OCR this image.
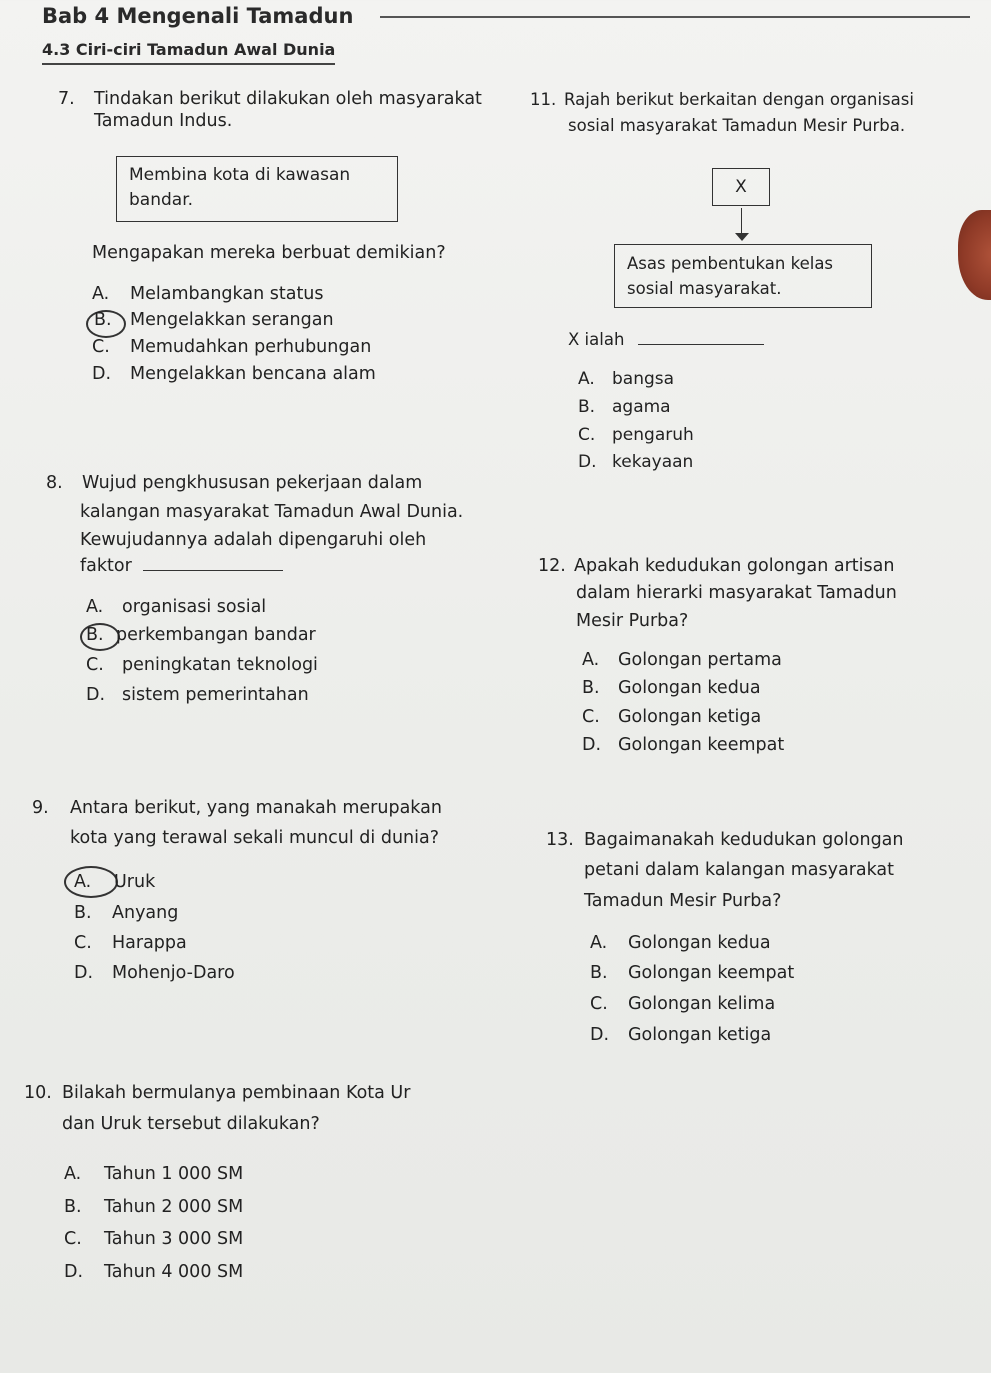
Bab 4 Mengenali Tamadun
4.3 Ciri-ciri Tamadun Awal Dunia
7. Tindakan berikut dilakukan oleh masyarakat
Tamadun Indus.
Membina kota di kawasan
bandar.
Mengapakan mereka berbuat demikian?
A. Melambangkan status
B. Mengelakkan serangan
C. Memudahkan perhubungan
D. Mengelakkan bencana alam
8. Wujud pengkhususan pekerjaan dalam
kalangan masyarakat Tamadun Awal Dunia.
Kewujudannya adalah dipengaruhi oleh
faktor
A. organisasi sosial
B. perkembangan bandar
C. peningkatan teknologi
D. sistem pemerintahan
9. Antara berikut, yang manakah merupakan
kota yang terawal sekali muncul di dunia?
A. Uruk
B. Anyang
C. Harappa
D. Mohenjo-Daro
10. Bilakah bermulanya pembinaan Kota Ur
dan Uruk tersebut dilakukan?
A. Tahun 1 000 SM
B. Tahun 2 000 SM
C. Tahun 3 000 SM
D. Tahun 4 000 SM
11. Rajah berikut berkaitan dengan organisasi
sosial masyarakat Tamadun Mesir Purba.
X
Asas pembentukan kelas
sosial masyarakat.
X ialah
A. bangsa
B. agama
C. pengaruh
D. kekayaan
12. Apakah kedudukan golongan artisan
dalam hierarki masyarakat Tamadun
Mesir Purba?
A. Golongan pertama
B. Golongan kedua
C. Golongan ketiga
D. Golongan keempat
13. Bagaimanakah kedudukan golongan
petani dalam kalangan masyarakat
Tamadun Mesir Purba?
A. Golongan kedua
B. Golongan keempat
C. Golongan kelima
D. Golongan ketiga
